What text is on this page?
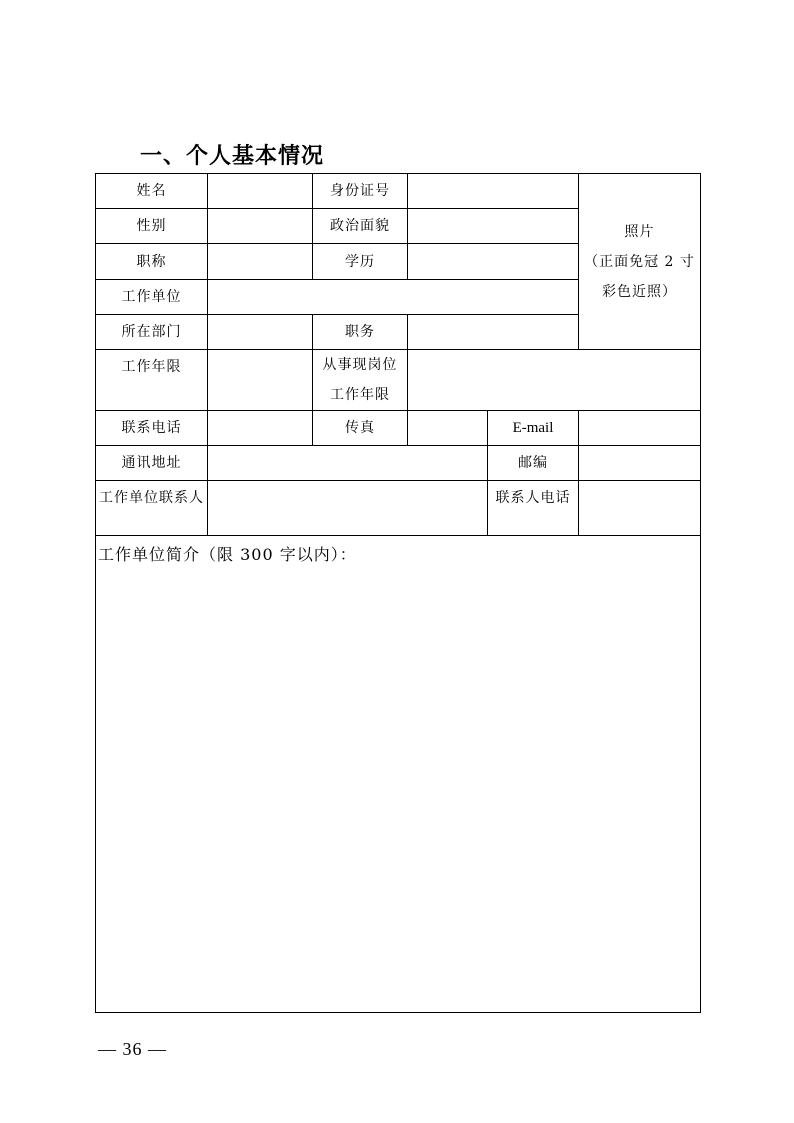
一、个人基本情况
姓名		身份证号			照片
（正面免冠 2 寸
彩色近照）

性别		政治面貌			
职称		学历			
工作单位					
所在部门		职务			
工作年限		从事现岗位
工作年限			

联系电话		传真		E-mail	
通讯地址				邮编	
工作单位联系人				联系人电话	
工作单位简介（限 300 字以内）：					
— 36 —
